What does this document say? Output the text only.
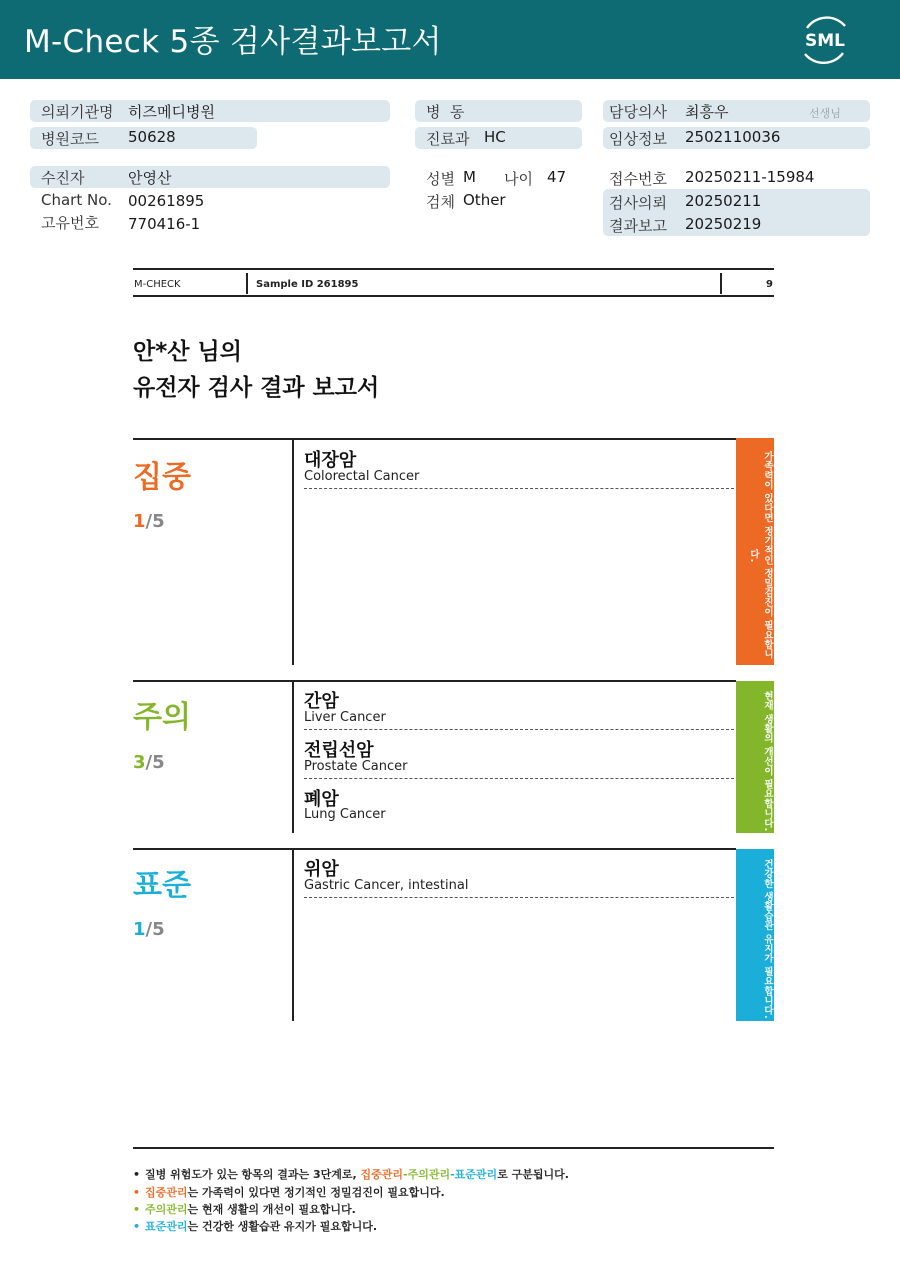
M-Check 5종 검사결과보고서	SML
의뢰기관명 히즈메디병원
병원코드 50628
병  동
진료과 HC
담당의사 최흥우	선생님
임상정보 2502110036
수진자	안영산
Chart No. 00261895
고유번호 770416-1
성별 M 나이 47
검체 Other
접수번호 20250211-15984
검사의뢰 20250211
결과보고 20250219
M-CHECK	Sample ID 261895	9
안*산 님의
유전자 검사 결과 보고서
집중
1/5
대장암
Colorectal Cancer	가족력이 있다면 정기적인 정밀검진이 필요합니다.
주의
3/5
간암
Liver Cancer
전립선암
Prostate Cancer
폐암
Lung Cancer	현재 생활의 개선이 필요합니다.
표준
1/5
위암
Gastric Cancer, intestinal	건강한 생활습관 유지가 필요합니다.
• 질병 위험도가 있는 항목의 결과는 3단계로, 집중관리-주의관리-표준관리로 구분됩니다.
• 집중관리는 가족력이 있다면 정기적인 정밀검진이 필요합니다.
• 주의관리는 현재 생활의 개선이 필요합니다.
• 표준관리는 건강한 생활습관 유지가 필요합니다.
